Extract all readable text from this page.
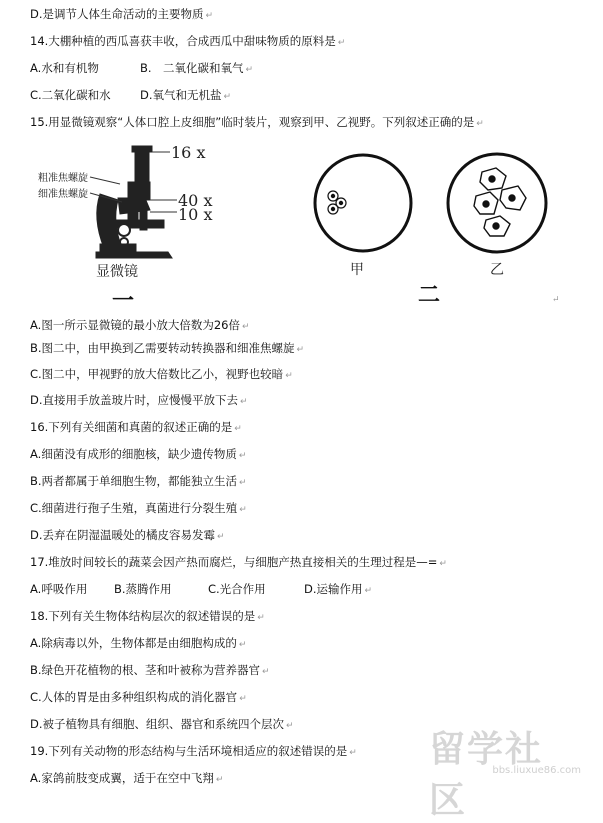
D.是调节人体生命活动的主要物质 ↵
14.大棚种植的西瓜喜获丰收，合成西瓜中甜味物质的原料是 ↵
A.水和有机物	B.　二氧化碳和氧气 ↵
C.二氧化碳和水	D.氧气和无机盐 ↵
15.用显微镜观察“人体口腔上皮细胞”临时装片，观察到甲、乙视野。下列叙述正确的是 ↵
粗准焦螺旋
细准焦螺旋
16 x
40 x
10 x
显微镜
一
甲	乙
二	↵
A.图一所示显微镜的最小放大倍数为26倍 ↵
B.图二中，由甲换到乙需要转动转换器和细准焦螺旋 ↵
C.图二中，甲视野的放大倍数比乙小，视野也较暗 ↵
D.直接用手放盖玻片时，应慢慢平放下去 ↵
16.下列有关细菌和真菌的叙述正确的是 ↵
A.细菌没有成形的细胞核，缺少遗传物质 ↵
B.两者都属于单细胞生物，都能独立生活 ↵
C.细菌进行孢子生殖，真菌进行分裂生殖 ↵
D.丢弃在阴湿温暖处的橘皮容易发霉 ↵
17.堆放时间较长的蔬菜会因产热而腐烂，与细胞产热直接相关的生理过程是—= ↵
A.呼吸作用 B.蒸腾作用	C.光合作用	D.运输作用 ↵
18.下列有关生物体结构层次的叙述错误的是 ↵
A.除病毒以外，生物体都是由细胞构成的 ↵
B.绿色开花植物的根、茎和叶被称为营养器官 ↵
C.人体的胃是由多种组织构成的消化器官 ↵
D.被子植物具有细胞、组织、器官和系统四个层次 ↵
19.下列有关动物的形态结构与生活环境相适应的叙述错误的是 ↵
A.家鸽前肢变成翼，适于在空中飞翔 ↵
留学社区
bbs.liuxue86.com
